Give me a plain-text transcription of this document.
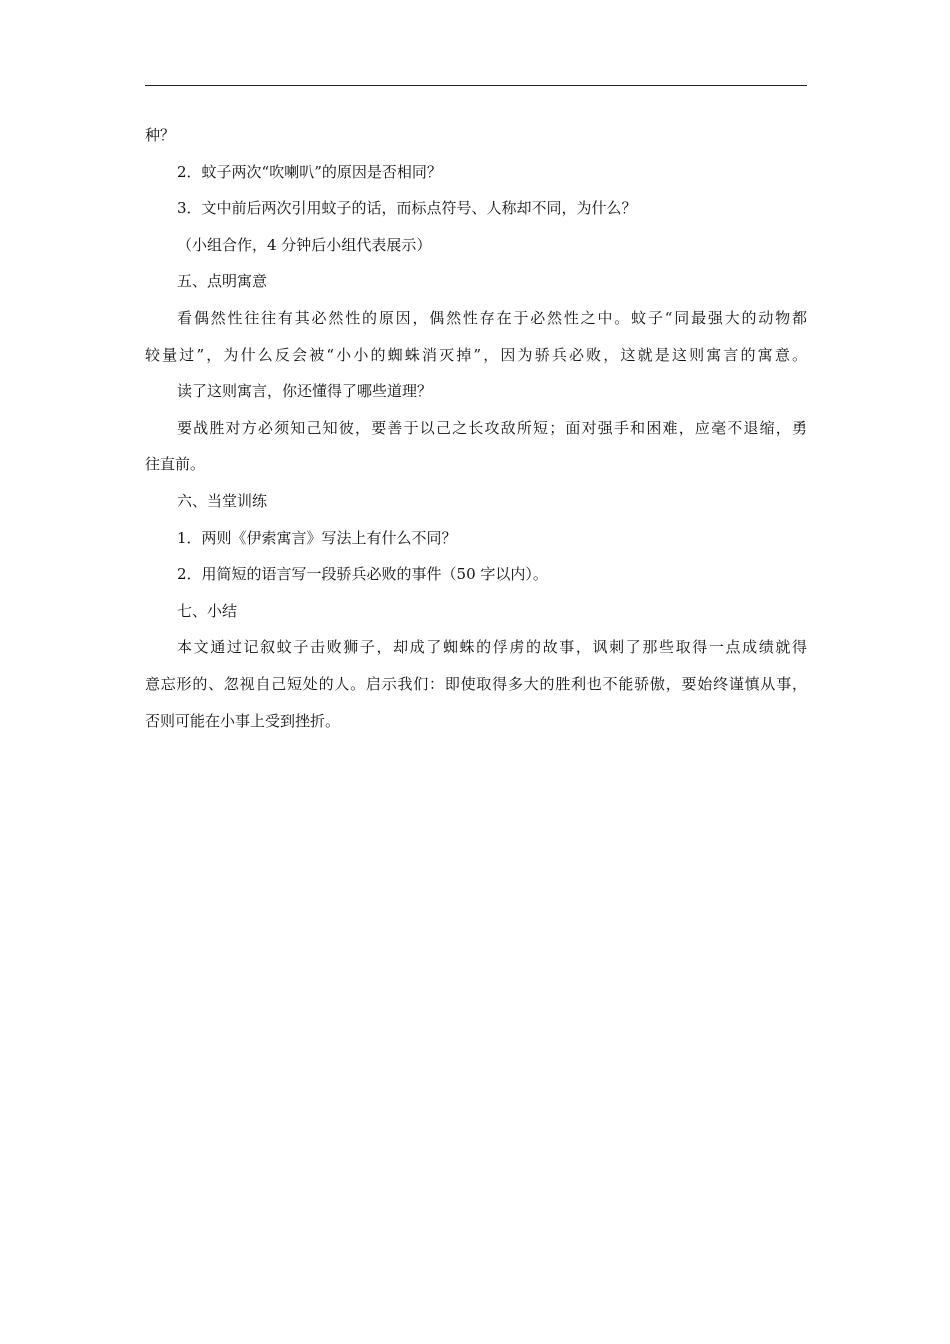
种？
2．蚊子两次“吹喇叭”的原因是否相同？
3．文中前后两次引用蚊子的话，而标点符号、人称却不同，为什么？
（小组合作，4 分钟后小组代表展示）
五、点明寓意
看偶然性往往有其必然性的原因，偶然性存在于必然性之中。蚊子“同最强大的动物都
较量过”，为什么反会被“小小的蜘蛛消灭掉”，因为骄兵必败，这就是这则寓言的寓意。
读了这则寓言，你还懂得了哪些道理？
要战胜对方必须知己知彼，要善于以己之长攻敌所短；面对强手和困难，应毫不退缩，勇
往直前。
六、当堂训练
1．两则《伊索寓言》写法上有什么不同？
2．用简短的语言写一段骄兵必败的事件（50 字以内）。
七、小结
本文通过记叙蚊子击败狮子，却成了蜘蛛的俘虏的故事，讽刺了那些取得一点成绩就得
意忘形的、忽视自己短处的人。启示我们：即使取得多大的胜利也不能骄傲，要始终谨慎从事，
否则可能在小事上受到挫折。
